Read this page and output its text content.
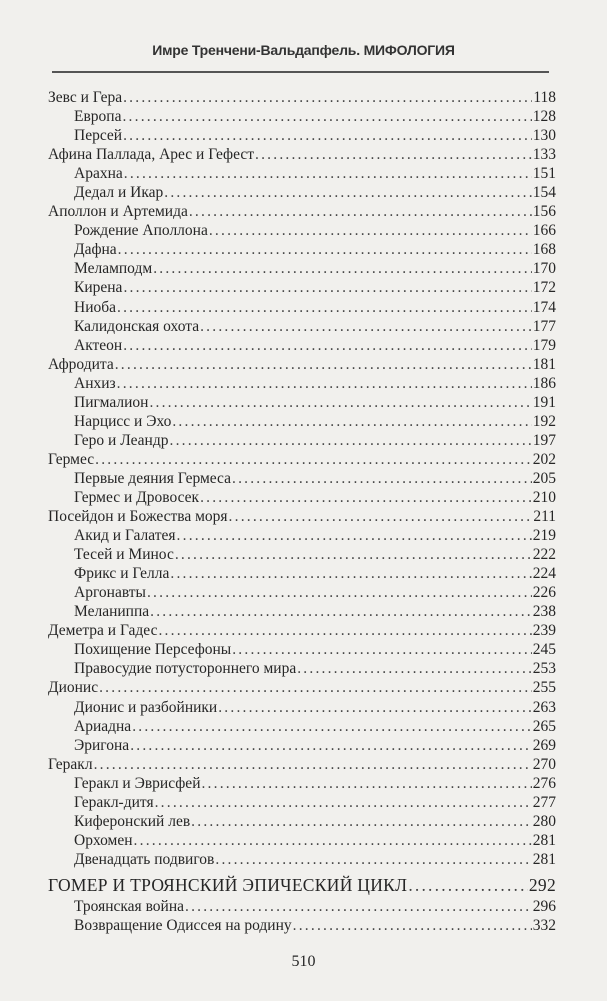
Имре Тренчени-Вальдапфель. МИФОЛОГИЯ
Зевс и Гера .....	118
Европа .....	128
Персей .....	130
Афина Паллада, Арес и Гефест .....	133
Арахна .....	151
Дедал и Икар .....	154
Аполлон и Артемида .....	156
Рождение Аполлона .....	166
Дафна .....	168
Меламподм .....	170
Кирена .....	172
Ниоба .....	174
Калидонская охота .....	177
Актеон .....	179
Афродита .....	181
Анхиз .....	186
Пигмалион .....	191
Нарцисс и Эхо .....	192
Геро и Леандр .....	197
Гермес .....	202
Первые деяния Гермеса .....	205
Гермес и Дровосек .....	210
Посейдон и Божества моря .....	211
Акид и Галатея .....	219
Тесей и Минос .....	222
Фрикс и Гелла .....	224
Аргонавты .....	226
Меланиппа .....	238
Деметра и Гадес .....	239
Похищение Персефоны .....	245
Правосудие потустороннего мира .....	253
Дионис .....	255
Дионис и разбойники .....	263
Ариадна .....	265
Эригона .....	269
Геракл .....	270
Геракл и Эврисфей .....	276
Геракл-дитя .....	277
Киферонский лев .....	280
Орхомен .....	281
Двенадцать подвигов .....	281
ГОМЕР И ТРОЯНСКИЙ ЭПИЧЕСКИЙ ЦИКЛ .....	292
Троянская война .....	296
Возвращение Одиссея на родину .....	332
510
